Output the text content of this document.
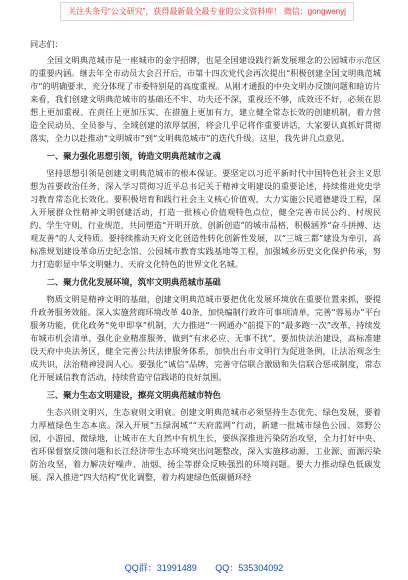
关注头条号“公文研究”，获得最新最全最专业的公文资料库！ 微信：gongwenyj

同志们：

全国文明典范城市是一座城市的金字招牌，也是全国建设践行新发展理念的公园城市示范区的重要内涵。继去年全市动员大会召开后，市第十四次党代会再次提出“积极创建全国文明典范城市”的明确要求，充分体现了市委特别是的高度重视。从刚才通报的中央文明办反馈问题和暗访片来看，我们创建文明典范城市的基础还不牢、功夫还不深，重视还不够，成效还不好，必须在思想上更加重视、在责任上更加压实、在措施上更加有力，建立健全常态长效的创建机制，着力营造全民动员、全员参与、全域创建的浓厚氛围，将会几乎记将作重要讲话，大家要认真抓好贯彻落实，全力以赴推动“文明城市”到“文明典范城市”的迭代升级。这里，我先讲几点意见。

一、聚力强化思想引领，铸造文明典范城市之魂

坚持思想引领是创建文明典范城市的根本保证。要坚定以习近平新时代中国特色社会主义思想为首要政治任务，深入学习贯彻习近平总书记关于精神文明建设的重要论述，持续推进党史学习教育常态化长效化。要积极培育和践行社会主义核心价值观，大力实施公民道德建设工程，深入开展群众性精神文明创建活动，打造一批核心价值观特色点位，健全完善市民公约、村规民约、学生守则、行业规范，共同塑造“开明开放、创新创造”的城市品格，积极涵养“奋斗拼搏、达观友善”的人文特质。要持续推动天府文化创造性转化创新性发展，以“三城三都”建设为牵引，高标准规划建设革命历史纪念馆、公园城市教育实践基地等工程，加强城乡历史文化保护传承，努力打造彰显中华文明魅力、天府文化特色的世界文化名城。

二、聚力优化发展环境，筑牢文明典范城市基础

物质文明是精神文明的基础，创建文明典范城市要把优化发展环境放在重要位置来抓，要提升政务服务效能。深入实施营商环境改革 40条，加快编制行政许可事项清单，完善“蓉易办”平台服务功能，优化政务“免申即享”机制，大力推进“一网通办”前提下的“最多跑一次”改革，持续发布城市机会清单，强化企业精准服务，做到“有求必应、无事不扰”，要加快法治建设，高标准建设天府中央法务区，健全完善公共法律服务体系，加快出台市文明行为促进条例，让法治观念生成共识，法治精神浸润人心。要强化“诚信”品牌，完善守信联合激励和失信联合惩戒制度，常态化开展诚信教育活动，持续营造守信践诺的良好氛围。

三、聚力生态文明建设，擦亮文明典范城市特色

生态兴则文明兴，生态衰则文明衰。创建文明典范城市必须坚持生态优先、绿色发展，要着力厚植绿色生态本底。深入开展“五绿润城”“天府蓝网”行动，新建一批城市绿色公园、郊野公园，小游园、微绿地，让城市在大自然中有机生长，要纵深推进污染防治攻坚，全力打好中央、省环保督察反馈问题和长江经济带生态环境突出问题整改，深入实施移动源、工业源、面源污染防治攻坚，着力解决好噪声、油烟、扬尘等群众反映强烈的环境问题。要大力推动绿色低碳发展。深入推进“四大结构”优化调整，着力构建绿色低碳循环经

QQ群：31991489 QQ：535304092
